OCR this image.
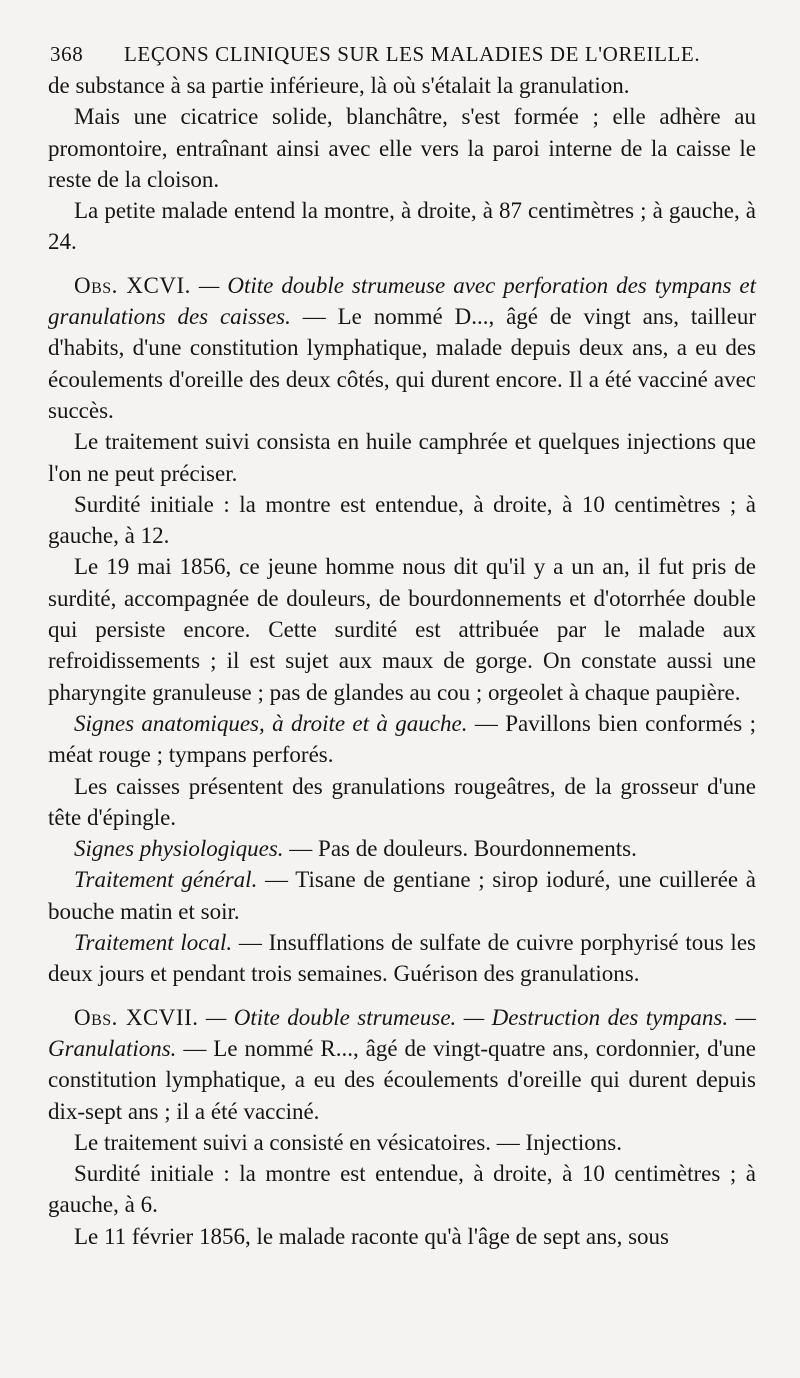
368 LEÇONS CLINIQUES SUR LES MALADIES DE L'OREILLE.

de substance à sa partie inférieure, là où s'étalait la granulation.

Mais une cicatrice solide, blanchâtre, s'est formée ; elle adhère au promontoire, entraînant ainsi avec elle vers la paroi interne de la caisse le reste de la cloison.

La petite malade entend la montre, à droite, à 87 centimètres ; à gauche, à 24.

Obs. XCVI. — Otite double strumeuse avec perforation des tympans et granulations des caisses. — Le nommé D..., âgé de vingt ans, tailleur d'habits, d'une constitution lymphatique, malade depuis deux ans, a eu des écoulements d'oreille des deux côtés, qui durent encore. Il a été vacciné avec succès.

Le traitement suivi consista en huile camphrée et quelques injections que l'on ne peut préciser.

Surdité initiale : la montre est entendue, à droite, à 10 centimètres ; à gauche, à 12.

Le 19 mai 1856, ce jeune homme nous dit qu'il y a un an, il fut pris de surdité, accompagnée de douleurs, de bourdonnements et d'otorrhée double qui persiste encore. Cette surdité est attribuée par le malade aux refroidissements ; il est sujet aux maux de gorge. On constate aussi une pharyngite granuleuse ; pas de glandes au cou ; orgeolet à chaque paupière.

Signes anatomiques, à droite et à gauche. — Pavillons bien conformés ; méat rouge ; tympans perforés.

Les caisses présentent des granulations rougeâtres, de la grosseur d'une tête d'épingle.

Signes physiologiques. — Pas de douleurs. Bourdonnements.

Traitement général. — Tisane de gentiane ; sirop ioduré, une cuillerée à bouche matin et soir.

Traitement local. — Insufflations de sulfate de cuivre porphyrisé tous les deux jours et pendant trois semaines. Guérison des granulations.

Obs. XCVII. — Otite double strumeuse. — Destruction des tympans. — Granulations. — Le nommé R..., âgé de vingt-quatre ans, cordonnier, d'une constitution lymphatique, a eu des écoulements d'oreille qui durent depuis dix-sept ans ; il a été vacciné.

Le traitement suivi a consisté en vésicatoires. — Injections.

Surdité initiale : la montre est entendue, à droite, à 10 centimètres ; à gauche, à 6.

Le 11 février 1856, le malade raconte qu'à l'âge de sept ans, sous
